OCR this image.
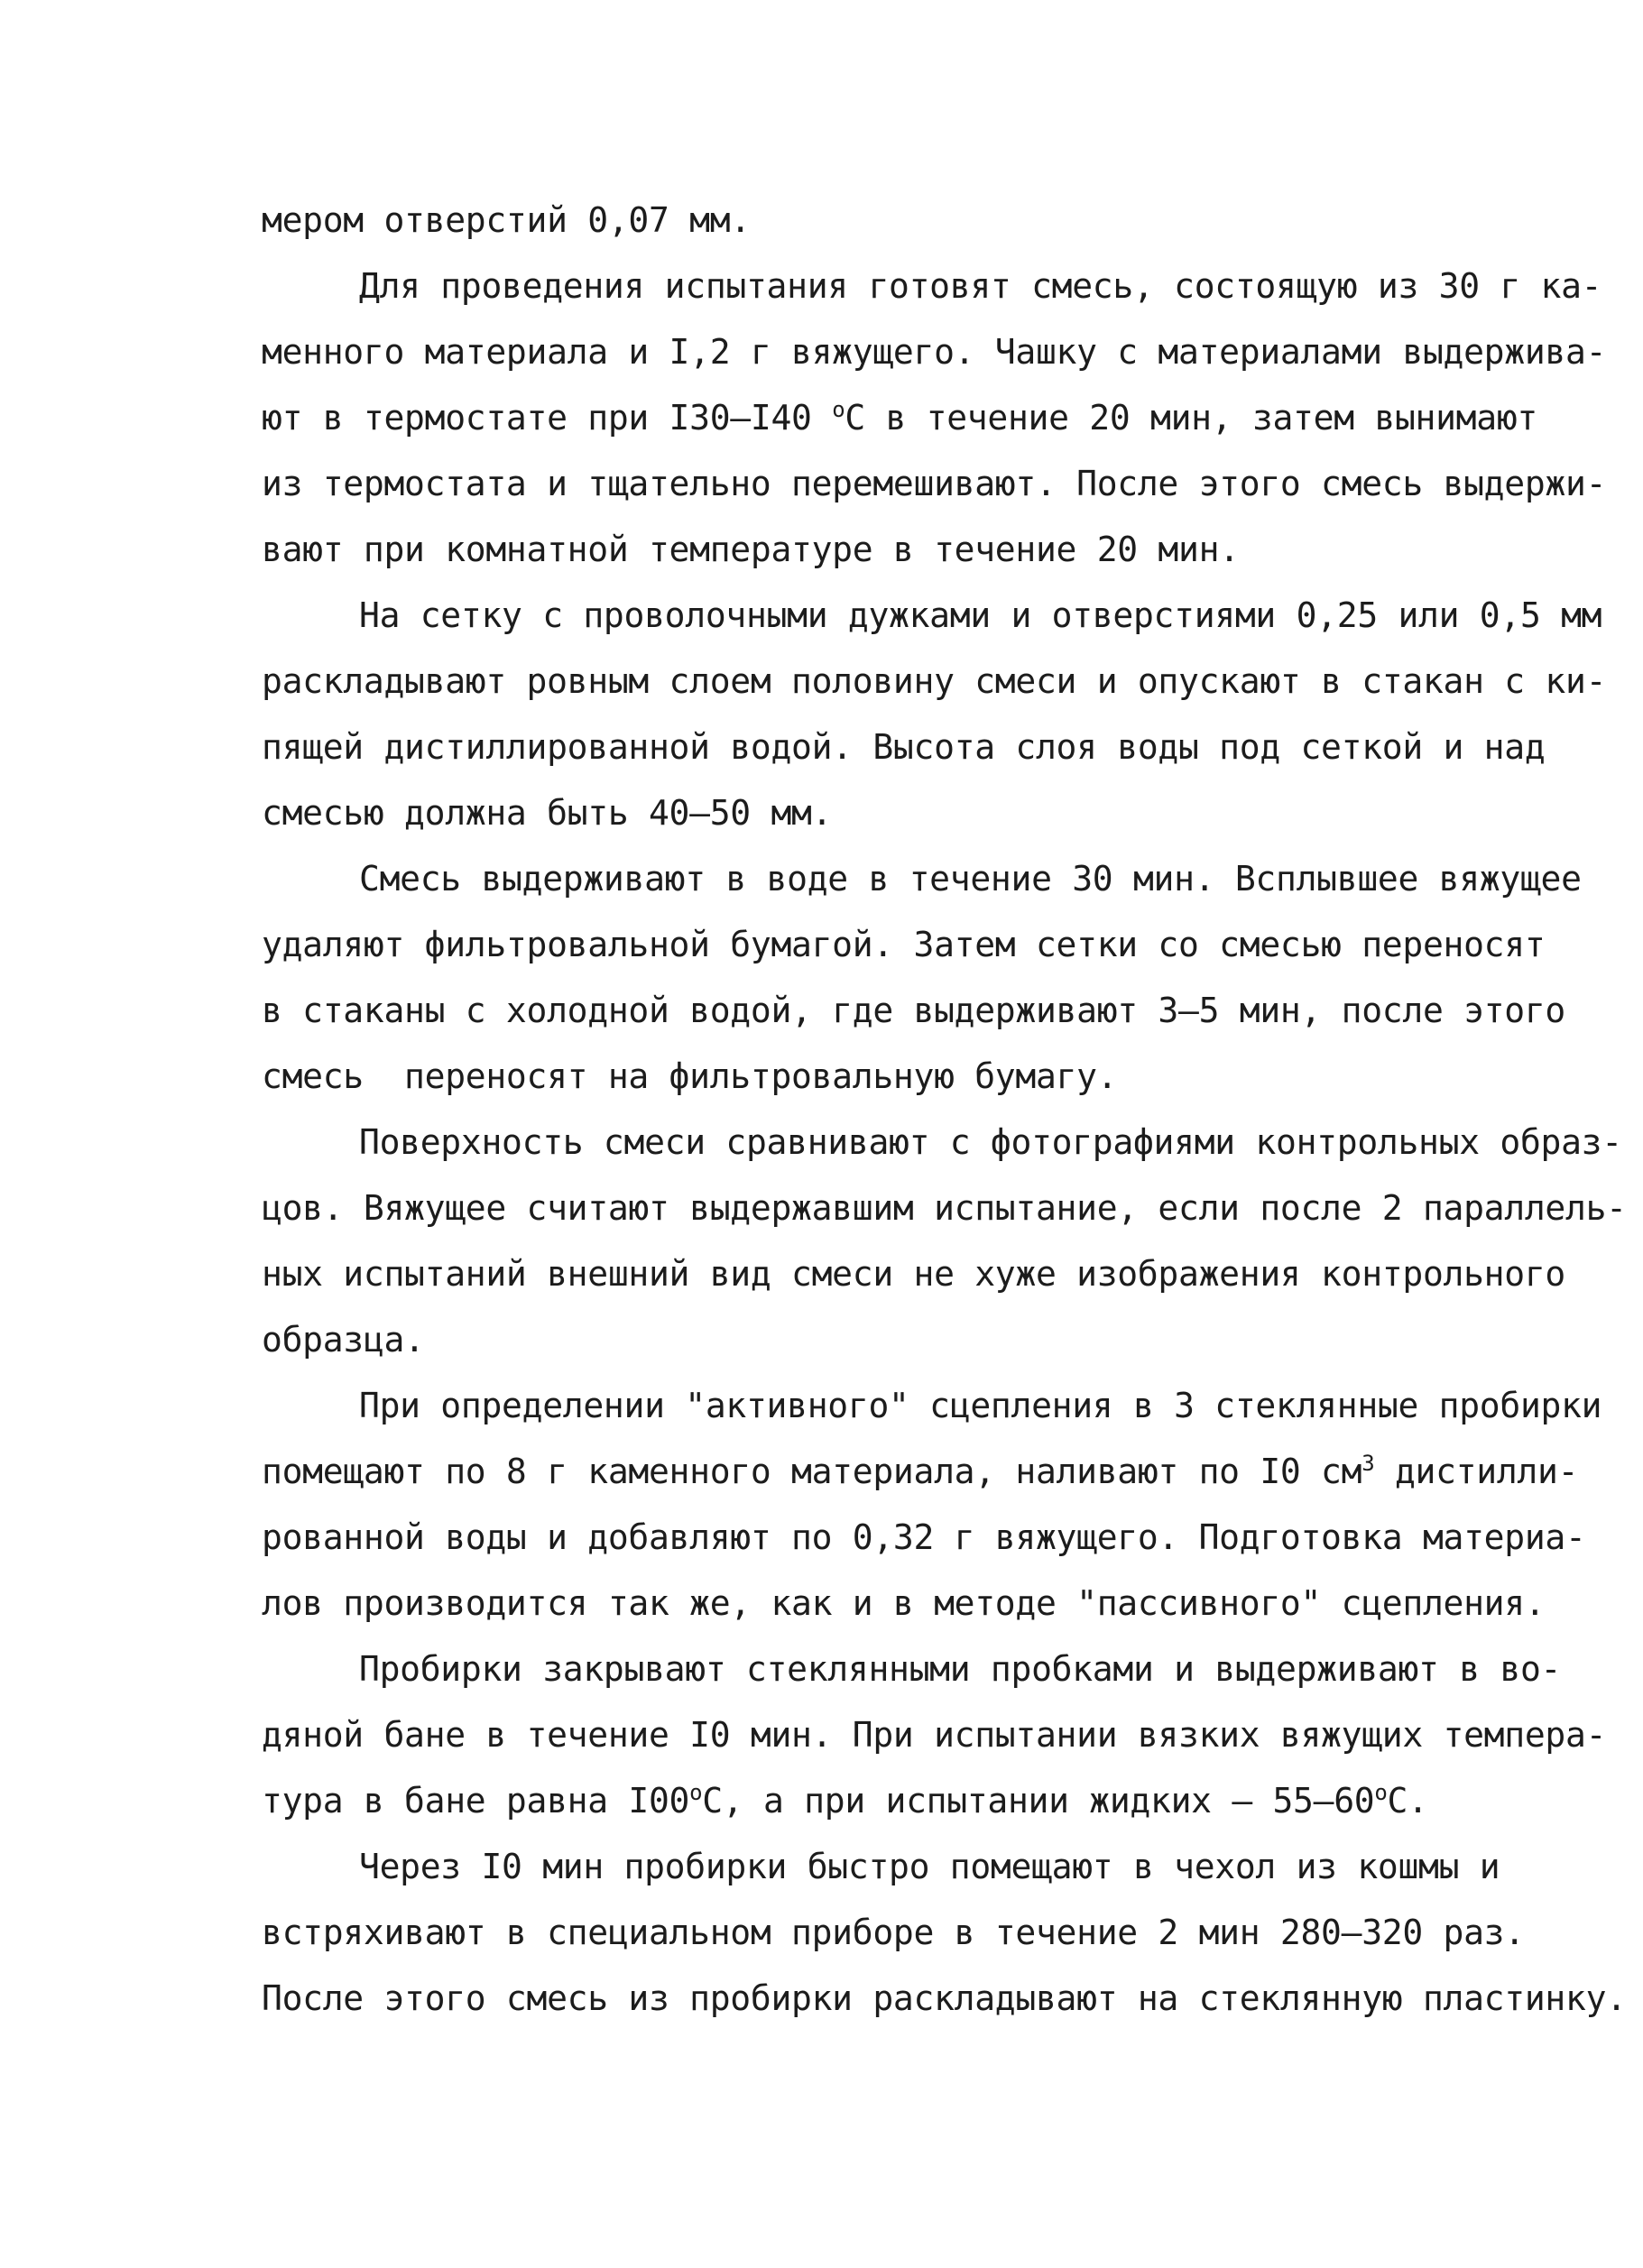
мером отверстий 0,07 мм.
Для проведения испытания готовят смесь, состоящую из 30 г ка-
менного материала и I,2 г вяжущего. Чашку с материалами выдержива-
ют в термостате при I30–I40 $^о$С в течение 20 мин, затем вынимают
из термостата и тщательно перемешивают. После этого смесь выдержи-
вают при комнатной температуре в течение 20 мин.
На сетку с проволочными дужками и отверстиями 0,25 или 0,5 мм
раскладывают ровным слоем половину смеси и опускают в стакан с ки-
пящей дистиллированной водой. Высота слоя воды под сеткой и над
смесью должна быть 40–50 мм.
Смесь выдерживают в воде в течение 30 мин. Всплывшее вяжущее
удаляют фильтровальной бумагой. Затем сетки со смесью переносят
в стаканы с холодной водой, где выдерживают 3–5 мин, после этого
смесь  переносят на фильтровальную бумагу.
Поверхность смеси сравнивают с фотографиями контрольных образ-
цов. Вяжущее считают выдержавшим испытание, если после 2 параллель-
ных испытаний внешний вид смеси не хуже изображения контрольного
образца.
При определении "активного" сцепления в 3 стеклянные пробирки
помещают по 8 г каменного материала, наливают по I0 $см^3$ дистилли-
рованной воды и добавляют по 0,32 г вяжущего. Подготовка материа-
лов производится так же, как и в методе "пассивного" сцепления.
Пробирки закрывают стеклянными пробками и выдерживают в во-
дяной бане в течение I0 мин. При испытании вязких вяжущих темпера-
тура в бане равна $I00^оС$, а при испытании жидких – $55-60^оС$.
Через I0 мин пробирки быстро помещают в чехол из кошмы и
встряхивают в специальном приборе в течение 2 мин 280–320 раз.
После этого смесь из пробирки раскладывают на стеклянную пластинку.
